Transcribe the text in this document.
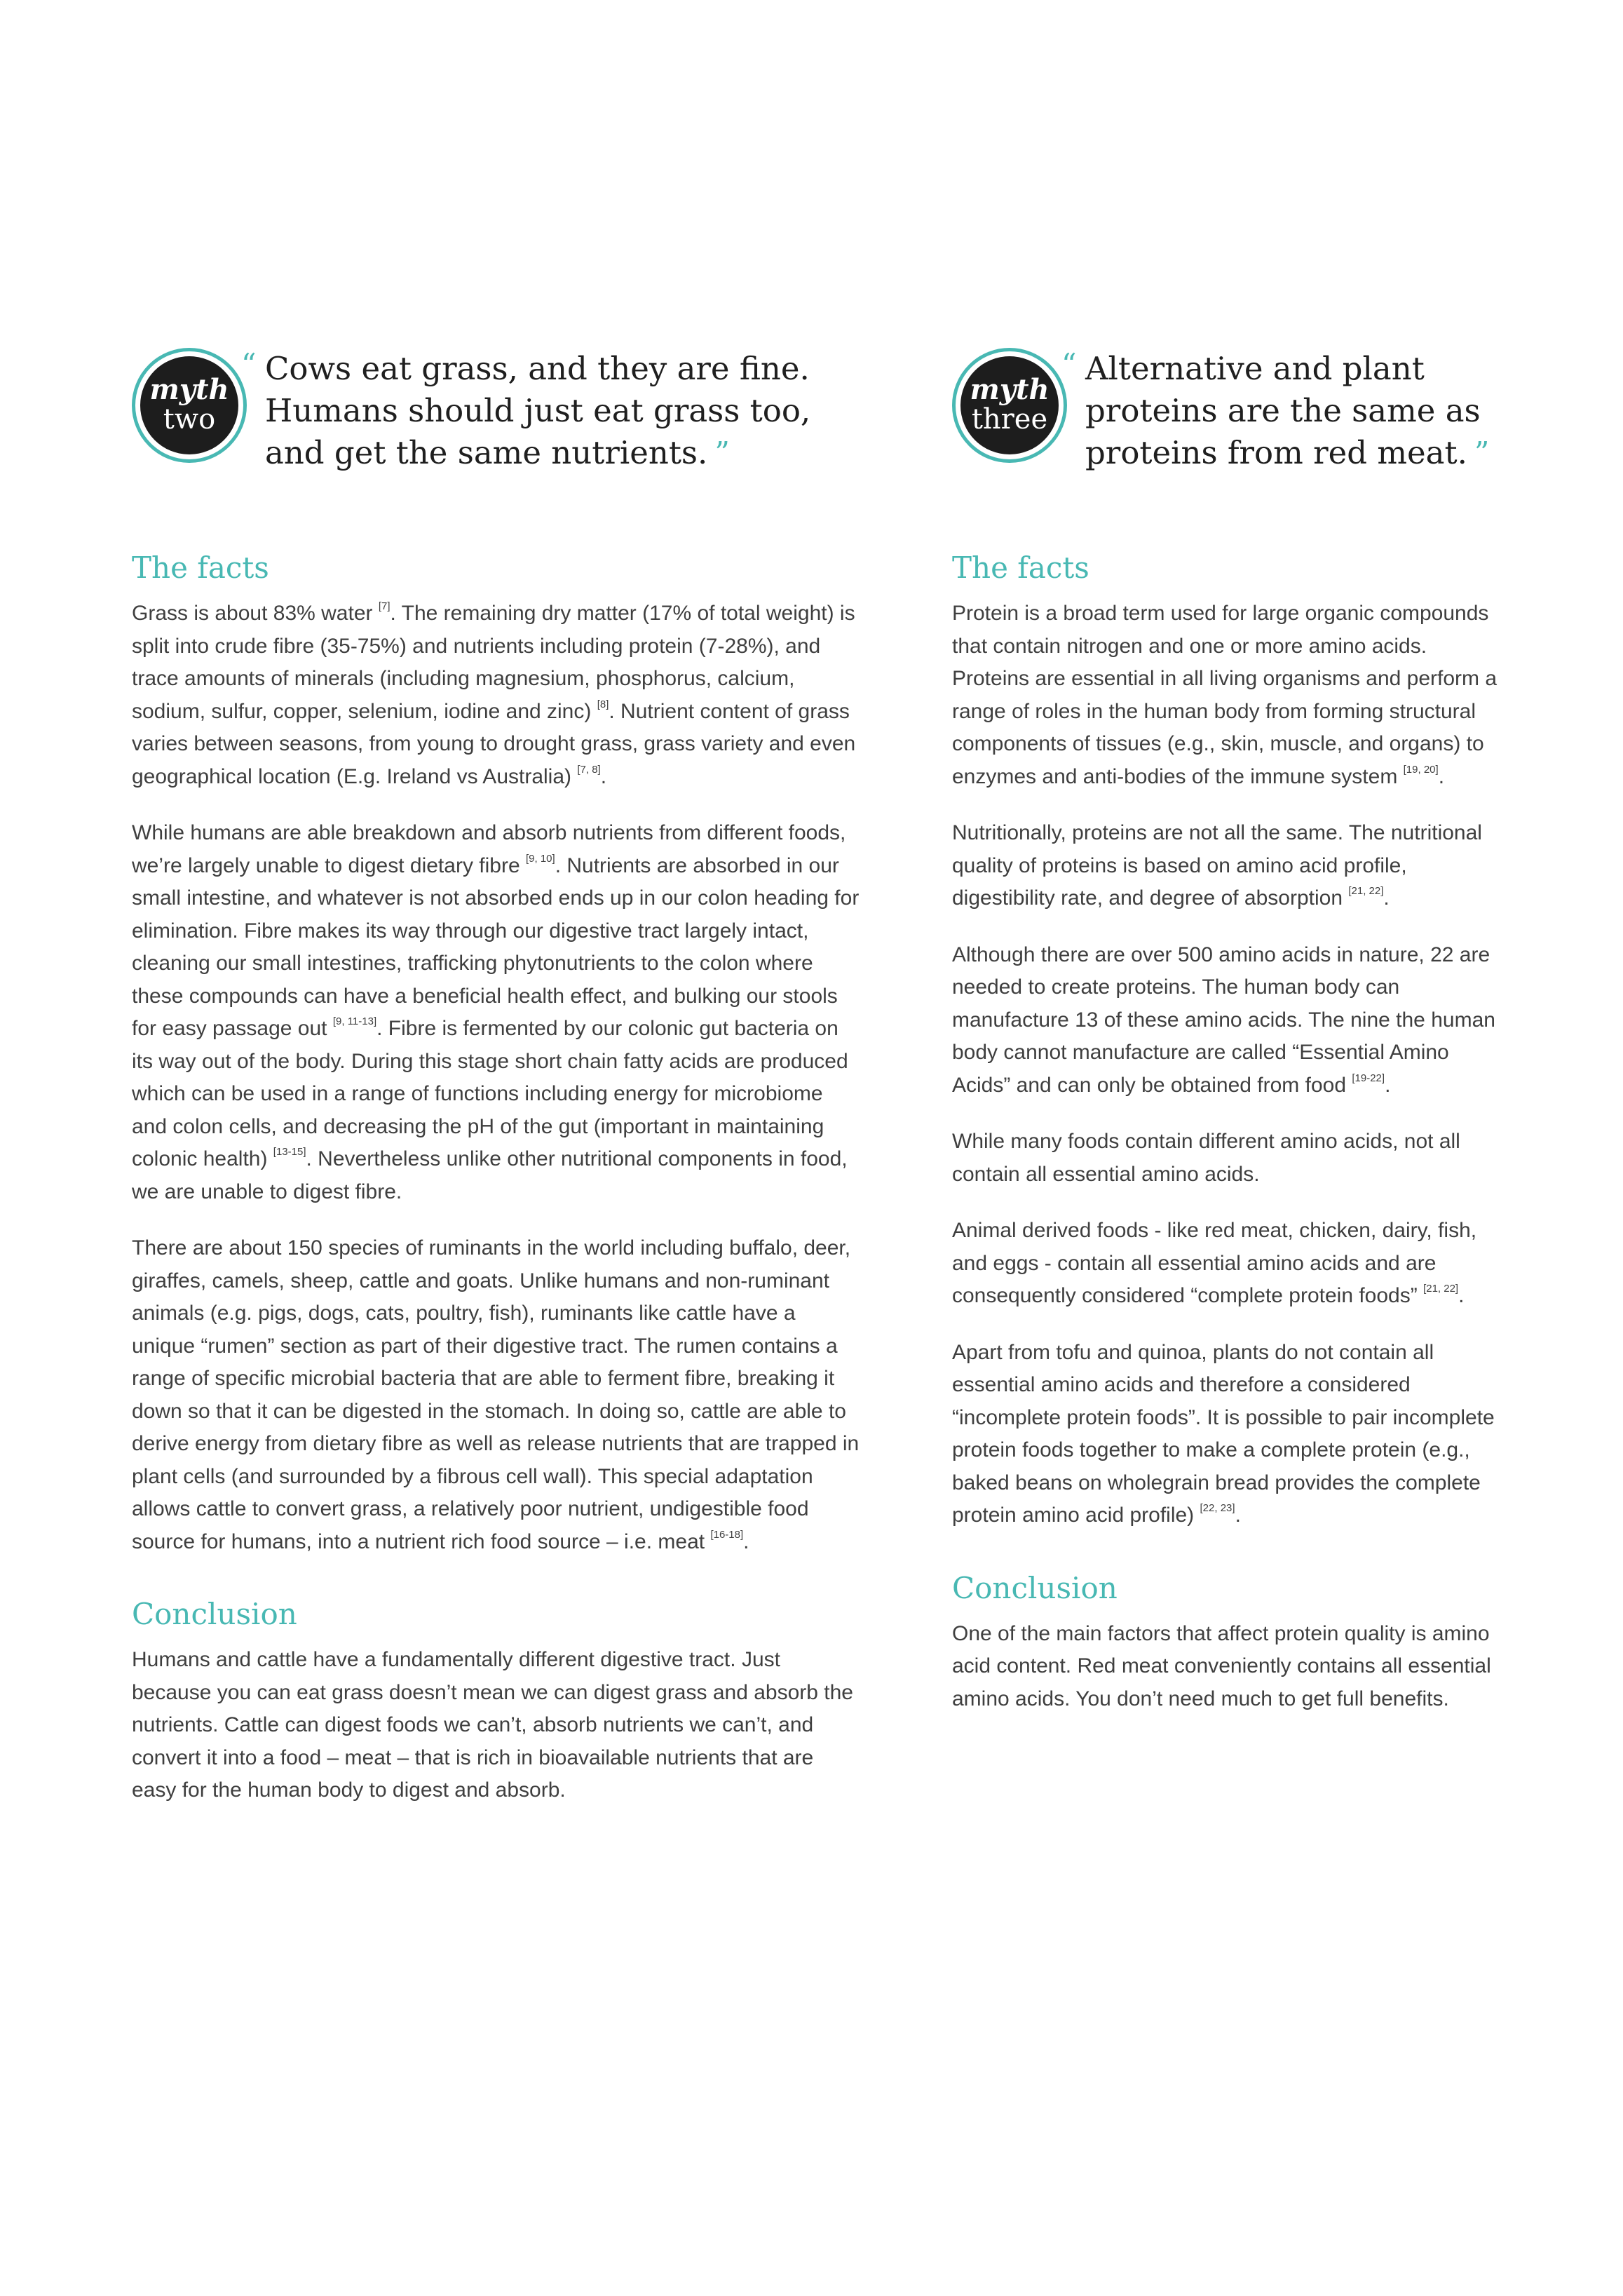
myth
two
“ Cows eat grass, and they are fine. Humans should just eat grass too, and get the same nutrients. ”
The facts

Grass is about 83% water [7]. The remaining dry matter (17% of total weight) is split into crude fibre (35-75%) and nutrients including protein (7-28%), and trace amounts of minerals (including magnesium, phosphorus, calcium, sodium, sulfur, copper, selenium, iodine and zinc) [8]. Nutrient content of grass varies between seasons, from young to drought grass, grass variety and even geographical location (E.g. Ireland vs Australia) [7, 8].

While humans are able breakdown and absorb nutrients from different foods, we’re largely unable to digest dietary fibre [9, 10]. Nutrients are absorbed in our small intestine, and whatever is not absorbed ends up in our colon heading for elimination. Fibre makes its way through our digestive tract largely intact, cleaning our small intestines, trafficking phytonutrients to the colon where these compounds can have a beneficial health effect, and bulking our stools for easy passage out [9, 11-13]. Fibre is fermented by our colonic gut bacteria on its way out of the body. During this stage short chain fatty acids are produced which can be used in a range of functions including energy for microbiome and colon cells, and decreasing the pH of the gut (important in maintaining colonic health) [13-15]. Nevertheless unlike other nutritional components in food, we are unable to digest fibre.

There are about 150 species of ruminants in the world including buffalo, deer, giraffes, camels, sheep, cattle and goats. Unlike humans and non-ruminant animals (e.g. pigs, dogs, cats, poultry, fish), ruminants like cattle have a unique “rumen” section as part of their digestive tract. The rumen contains a range of specific microbial bacteria that are able to ferment fibre, breaking it down so that it can be digested in the stomach. In doing so, cattle are able to derive energy from dietary fibre as well as release nutrients that are trapped in plant cells (and surrounded by a fibrous cell wall). This special adaptation allows cattle to convert grass, a relatively poor nutrient, undigestible food source for humans, into a nutrient rich food source – i.e. meat [16-18].

Conclusion

Humans and cattle have a fundamentally different digestive tract. Just because you can eat grass doesn’t mean we can digest grass and absorb the nutrients. Cattle can digest foods we can’t, absorb nutrients we can’t, and convert it into a food – meat – that is rich in bioavailable nutrients that are easy for the human body to digest and absorb.

myth
three
“ Alternative and plant proteins are the same as proteins from red meat. ”
The facts

Protein is a broad term used for large organic compounds that contain nitrogen and one or more amino acids. Proteins are essential in all living organisms and perform a range of roles in the human body from forming structural components of tissues (e.g., skin, muscle, and organs) to enzymes and anti-bodies of the immune system [19, 20].

Nutritionally, proteins are not all the same. The nutritional quality of proteins is based on amino acid profile, digestibility rate, and degree of absorption [21, 22].

Although there are over 500 amino acids in nature, 22 are needed to create proteins. The human body can manufacture 13 of these amino acids. The nine the human body cannot manufacture are called “Essential Amino Acids” and can only be obtained from food [19-22].

While many foods contain different amino acids, not all contain all essential amino acids.

Animal derived foods - like red meat, chicken, dairy, fish, and eggs - contain all essential amino acids and are consequently considered “complete protein foods” [21, 22].

Apart from tofu and quinoa, plants do not contain all essential amino acids and therefore a considered “incomplete protein foods”. It is possible to pair incomplete protein foods together to make a complete protein (e.g., baked beans on wholegrain bread provides the complete protein amino acid profile) [22, 23].

Conclusion

One of the main factors that affect protein quality is amino acid content. Red meat conveniently contains all essential amino acids. You don’t need much to get full benefits.
